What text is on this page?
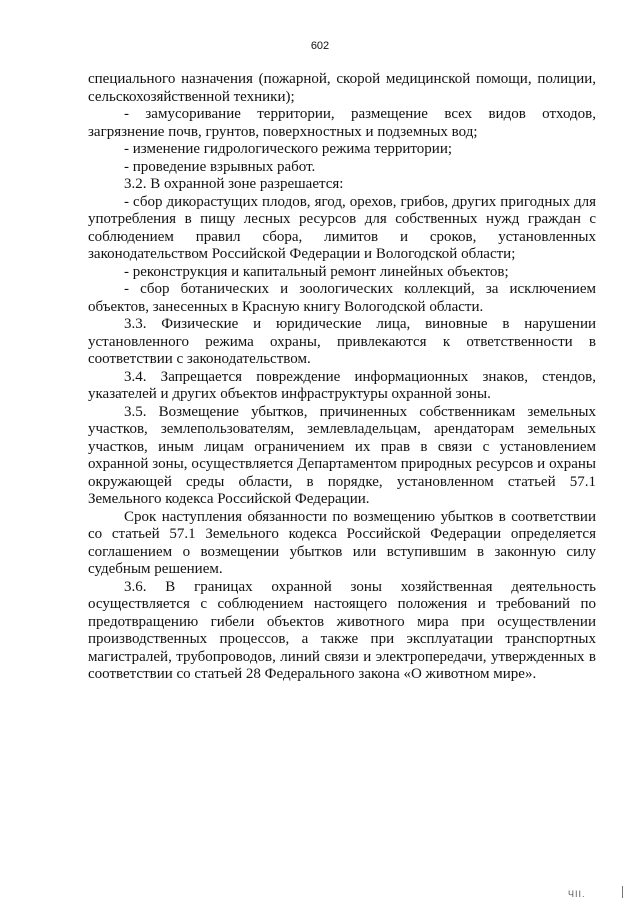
602

специального назначения (пожарной, скорой медицинской помощи, полиции, сельскохозяйственной техники);

- замусоривание территории, размещение всех видов отходов, загрязнение почв, грунтов, поверхностных и подземных вод;

- изменение гидрологического режима территории;

- проведение взрывных работ.

3.2. В охранной зоне разрешается:

- сбор дикорастущих плодов, ягод, орехов, грибов, других пригодных для употребления в пищу лесных ресурсов для собственных нужд граждан с соблюдением правил сбора, лимитов и сроков, установленных законодательством Российской Федерации и Вологодской области;

- реконструкция и капитальный ремонт линейных объектов;

- сбор ботанических и зоологических коллекций, за исключением объектов, занесенных в Красную книгу Вологодской области.

3.3. Физические и юридические лица, виновные в нарушении установленного режима охраны, привлекаются к ответственности в соответствии с законодательством.

3.4. Запрещается повреждение информационных знаков, стендов, указателей и других объектов инфраструктуры охранной зоны.

3.5. Возмещение убытков, причиненных собственникам земельных участков, землепользователям, землевладельцам, арендаторам земельных участков, иным лицам ограничением их прав в связи с установлением охранной зоны, осуществляется Департаментом природных ресурсов и охраны окружающей среды области, в порядке, установленном статьей 57.1 Земельного кодекса Российской Федерации.

Срок наступления обязанности по возмещению убытков в соответствии со статьей 57.1 Земельного кодекса Российской Федерации определяется соглашением о возмещении убытков или вступившим в законную силу судебным решением.

3.6. В границах охранной зоны хозяйственная деятельность осуществляется с соблюдением настоящего положения и требований по предотвращению гибели объектов животного мира при осуществлении производственных процессов, а также при эксплуатации транспортных магистралей, трубопроводов, линий связи и электропередачи, утвержденных в соответствии со статьей 28 Федерального закона «О животном мире».

ЧII.
